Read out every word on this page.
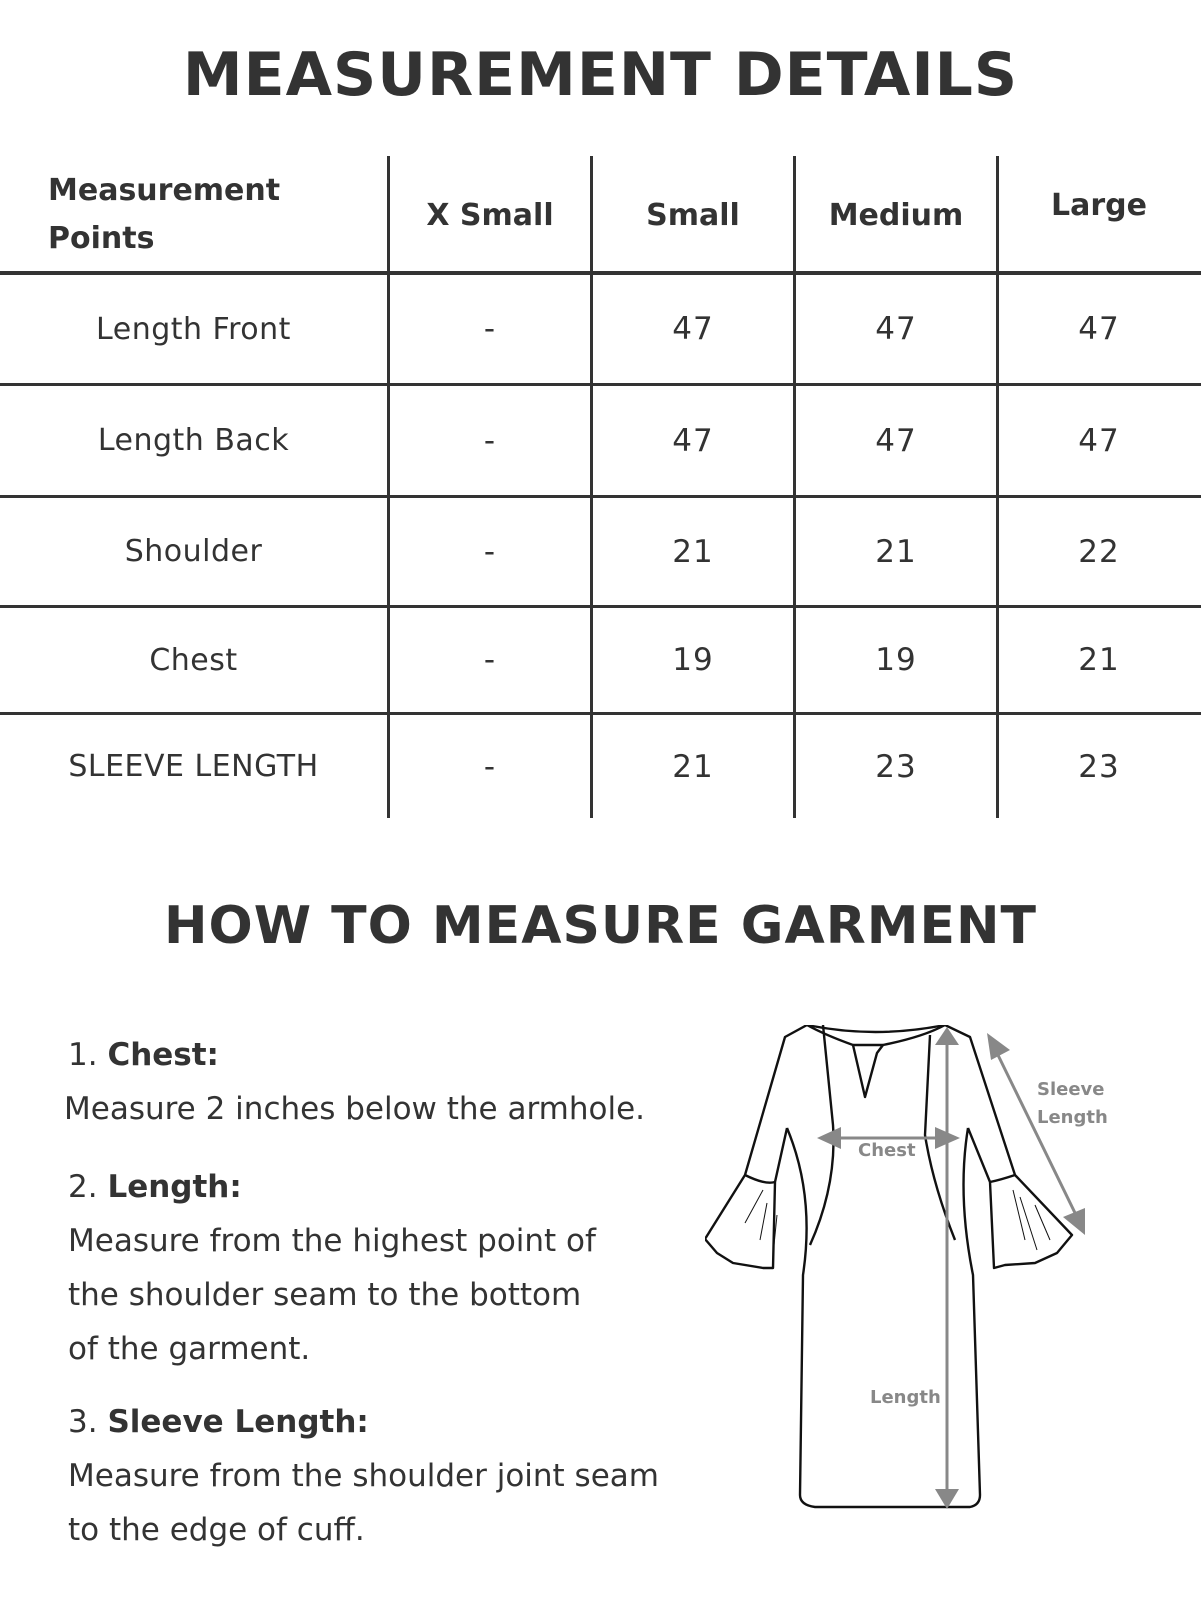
MEASUREMENT DETAILS
Measurement
Points
X Small	Small	Medium	Large
Length Front	-	47	47	47
Length Back	-	47	47	47
Shoulder	-	21	21	22
Chest	-	19	19	21
SLEEVE LENGTH	-	21	23	23
HOW TO MEASURE GARMENT
1. Chest:
Measure 2 inches below the armhole.
2. Length:
Measure from the highest point of
the shoulder seam to the bottom
of the garment.
3. Sleeve Length:
Measure from the shoulder joint seam
to the edge of cuff.
Chest
Sleeve
Length
Length
